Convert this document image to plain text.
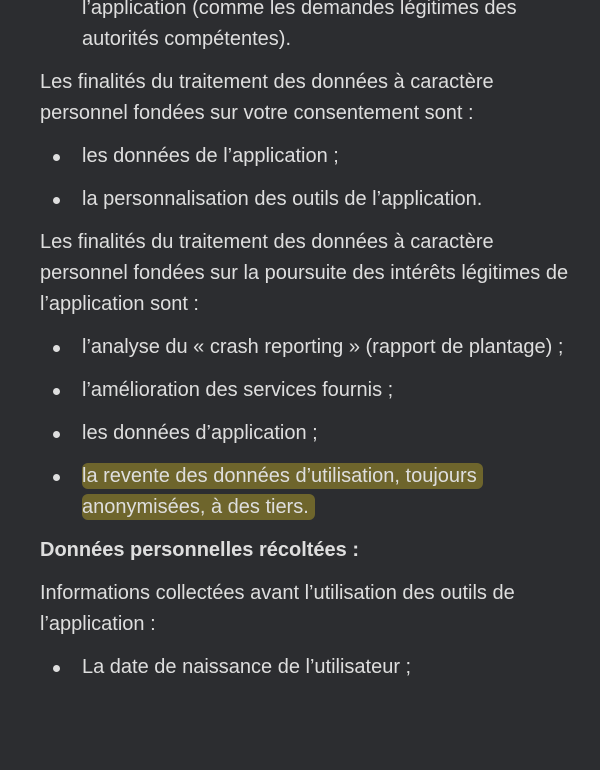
l’application (comme les demandes légitimes des autorités compétentes).

Les finalités du traitement des données à caractère personnel fondées sur votre consentement sont :

les données de l’application ;
la personnalisation des outils de l’application.

Les finalités du traitement des données à caractère personnel fondées sur la poursuite des intérêts légitimes de l’application sont :

l’analyse du « crash reporting » (rapport de plantage) ;
l’amélioration des services fournis ;
les données d’application ;
la revente des données d’utilisation, toujours anonymisées, à des tiers.

Données personnelles récoltées :

Informations collectées avant l’utilisation des outils de l’application :

La date de naissance de l’utilisateur ;
